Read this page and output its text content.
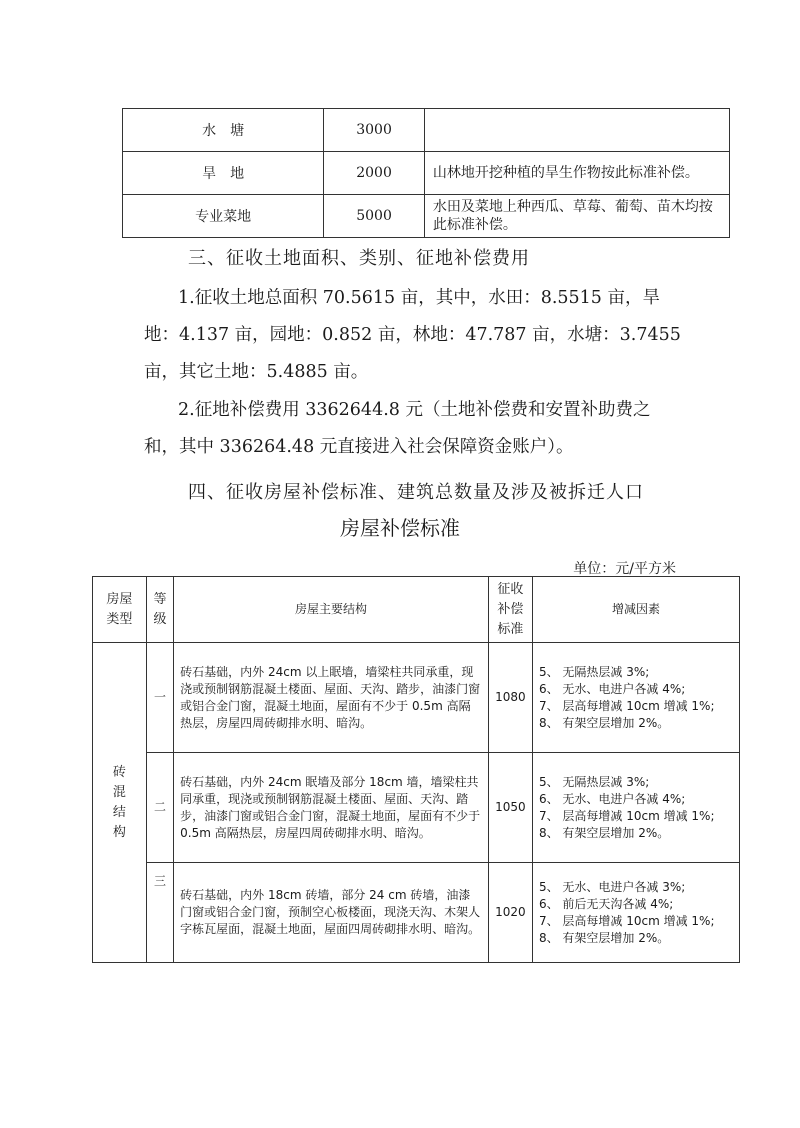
水　塘	3000	
旱　地	2000	山林地开挖种植的旱生作物按此标准补偿。
专业菜地	5000	水田及菜地上种西瓜、草莓、葡萄、苗木均按此标准补偿。
三、征收土地面积、类别、征地补偿费用
1.征收土地总面积 70.5615 亩，其中，水田：8.5515 亩，旱
地：4.137 亩，园地：0.852 亩，林地：47.787 亩，水塘：3.7455
亩，其它土地：5.4885 亩。
2.征地补偿费用 3362644.8 元（土地补偿费和安置补助费之
和，其中 336264.48 元直接进入社会保障资金账户）。
四、征收房屋补偿标准、建筑总数量及涉及被拆迁人口
房屋补偿标准
单位：元/平方米
房屋类型	等级	房屋主要结构	征收补偿标准	增减因素
砖混结构	一	砖石基础，内外 24cm 以上眠墙，墙梁柱共同承重，现浇或预制钢筋混凝土楼面、屋面、天沟、踏步，油漆门窗或铝合金门窗，混凝土地面，屋面有不少于 0.5m 高隔热层，房屋四周砖砌排水明、暗沟。	1080	5、 无隔热层减 3%;
6、 无水、电进户各减 4%;
7、 层高每增减 10cm 增减 1%;
8、 有架空层增加 2%。

	二	砖石基础，内外 24cm 眠墙及部分 18cm 墙，墙梁柱共同承重，现浇或预制钢筋混凝土楼面、屋面、天沟、踏步，油漆门窗或铝合金门窗，混凝土地面，屋面有不少于 0.5m 高隔热层，房屋四周砖砌排水明、暗沟。	1050	5、 无隔热层减 3%;
6、 无水、电进户各减 4%;
7、 层高每增减 10cm 增减 1%;
8、 有架空层增加 2%。

	三	砖石基础，内外 18cm 砖墙，部分 24 cm 砖墙，油漆门窗或铝合金门窗，预制空心板楼面，现浇天沟、木架人字栋瓦屋面，混凝土地面，屋面四周砖砌排水明、暗沟。	1020	5、 无水、电进户各减 3%;
6、 前后无天沟各减 4%;
7、 层高每增减 10cm 增减 1%;
8、 有架空层增加 2%。
